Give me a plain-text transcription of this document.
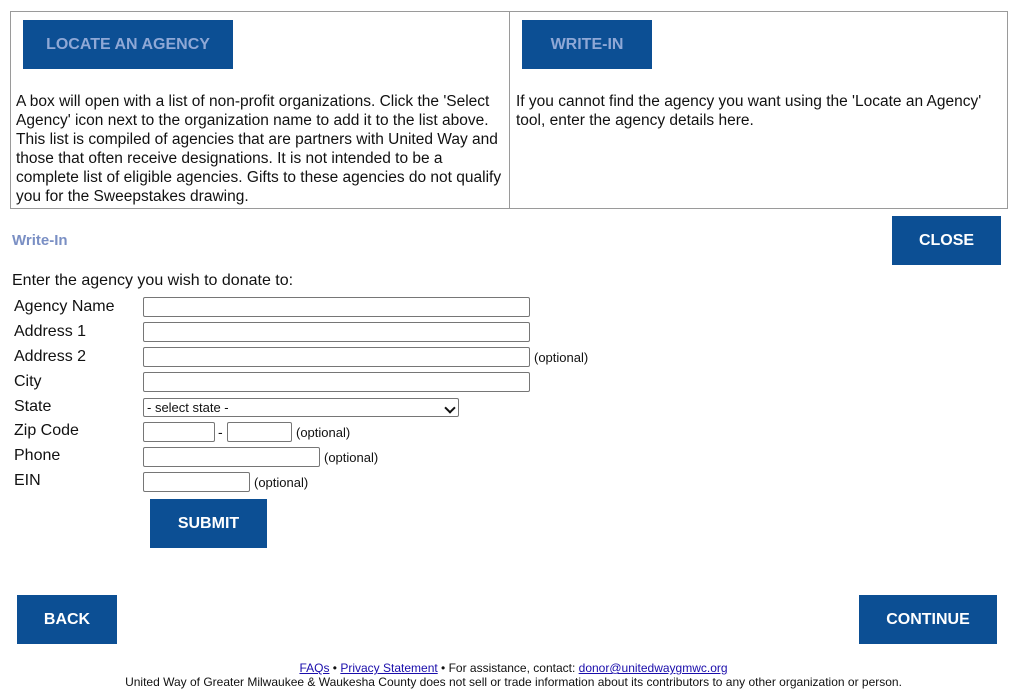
LOCATE AN AGENCY
A box will open with a list of non-profit organizations. Click the 'Select Agency' icon next to the organization name to add it to the list above. This list is compiled of agencies that are partners with United Way and those that often receive designations. It is not intended to be a complete list of eligible agencies. Gifts to these agencies do not qualify you for the Sweepstakes drawing.
WRITE-IN
If you cannot find the agency you want using the 'Locate an Agency' tool, enter the agency details here.
Write-In	CLOSE
Enter the agency you wish to donate to:
Agency Name
Address 1
Address 2	(optional)
City
State	- select state -
Zip Code	-	(optional)
Phone	(optional)
EIN	(optional)
SUBMIT
BACK	CONTINUE
FAQs • Privacy Statement • For assistance, contact: donor@unitedwaygmwc.org
United Way of Greater Milwaukee & Waukesha County does not sell or trade information about its contributors to any other organization or person.
